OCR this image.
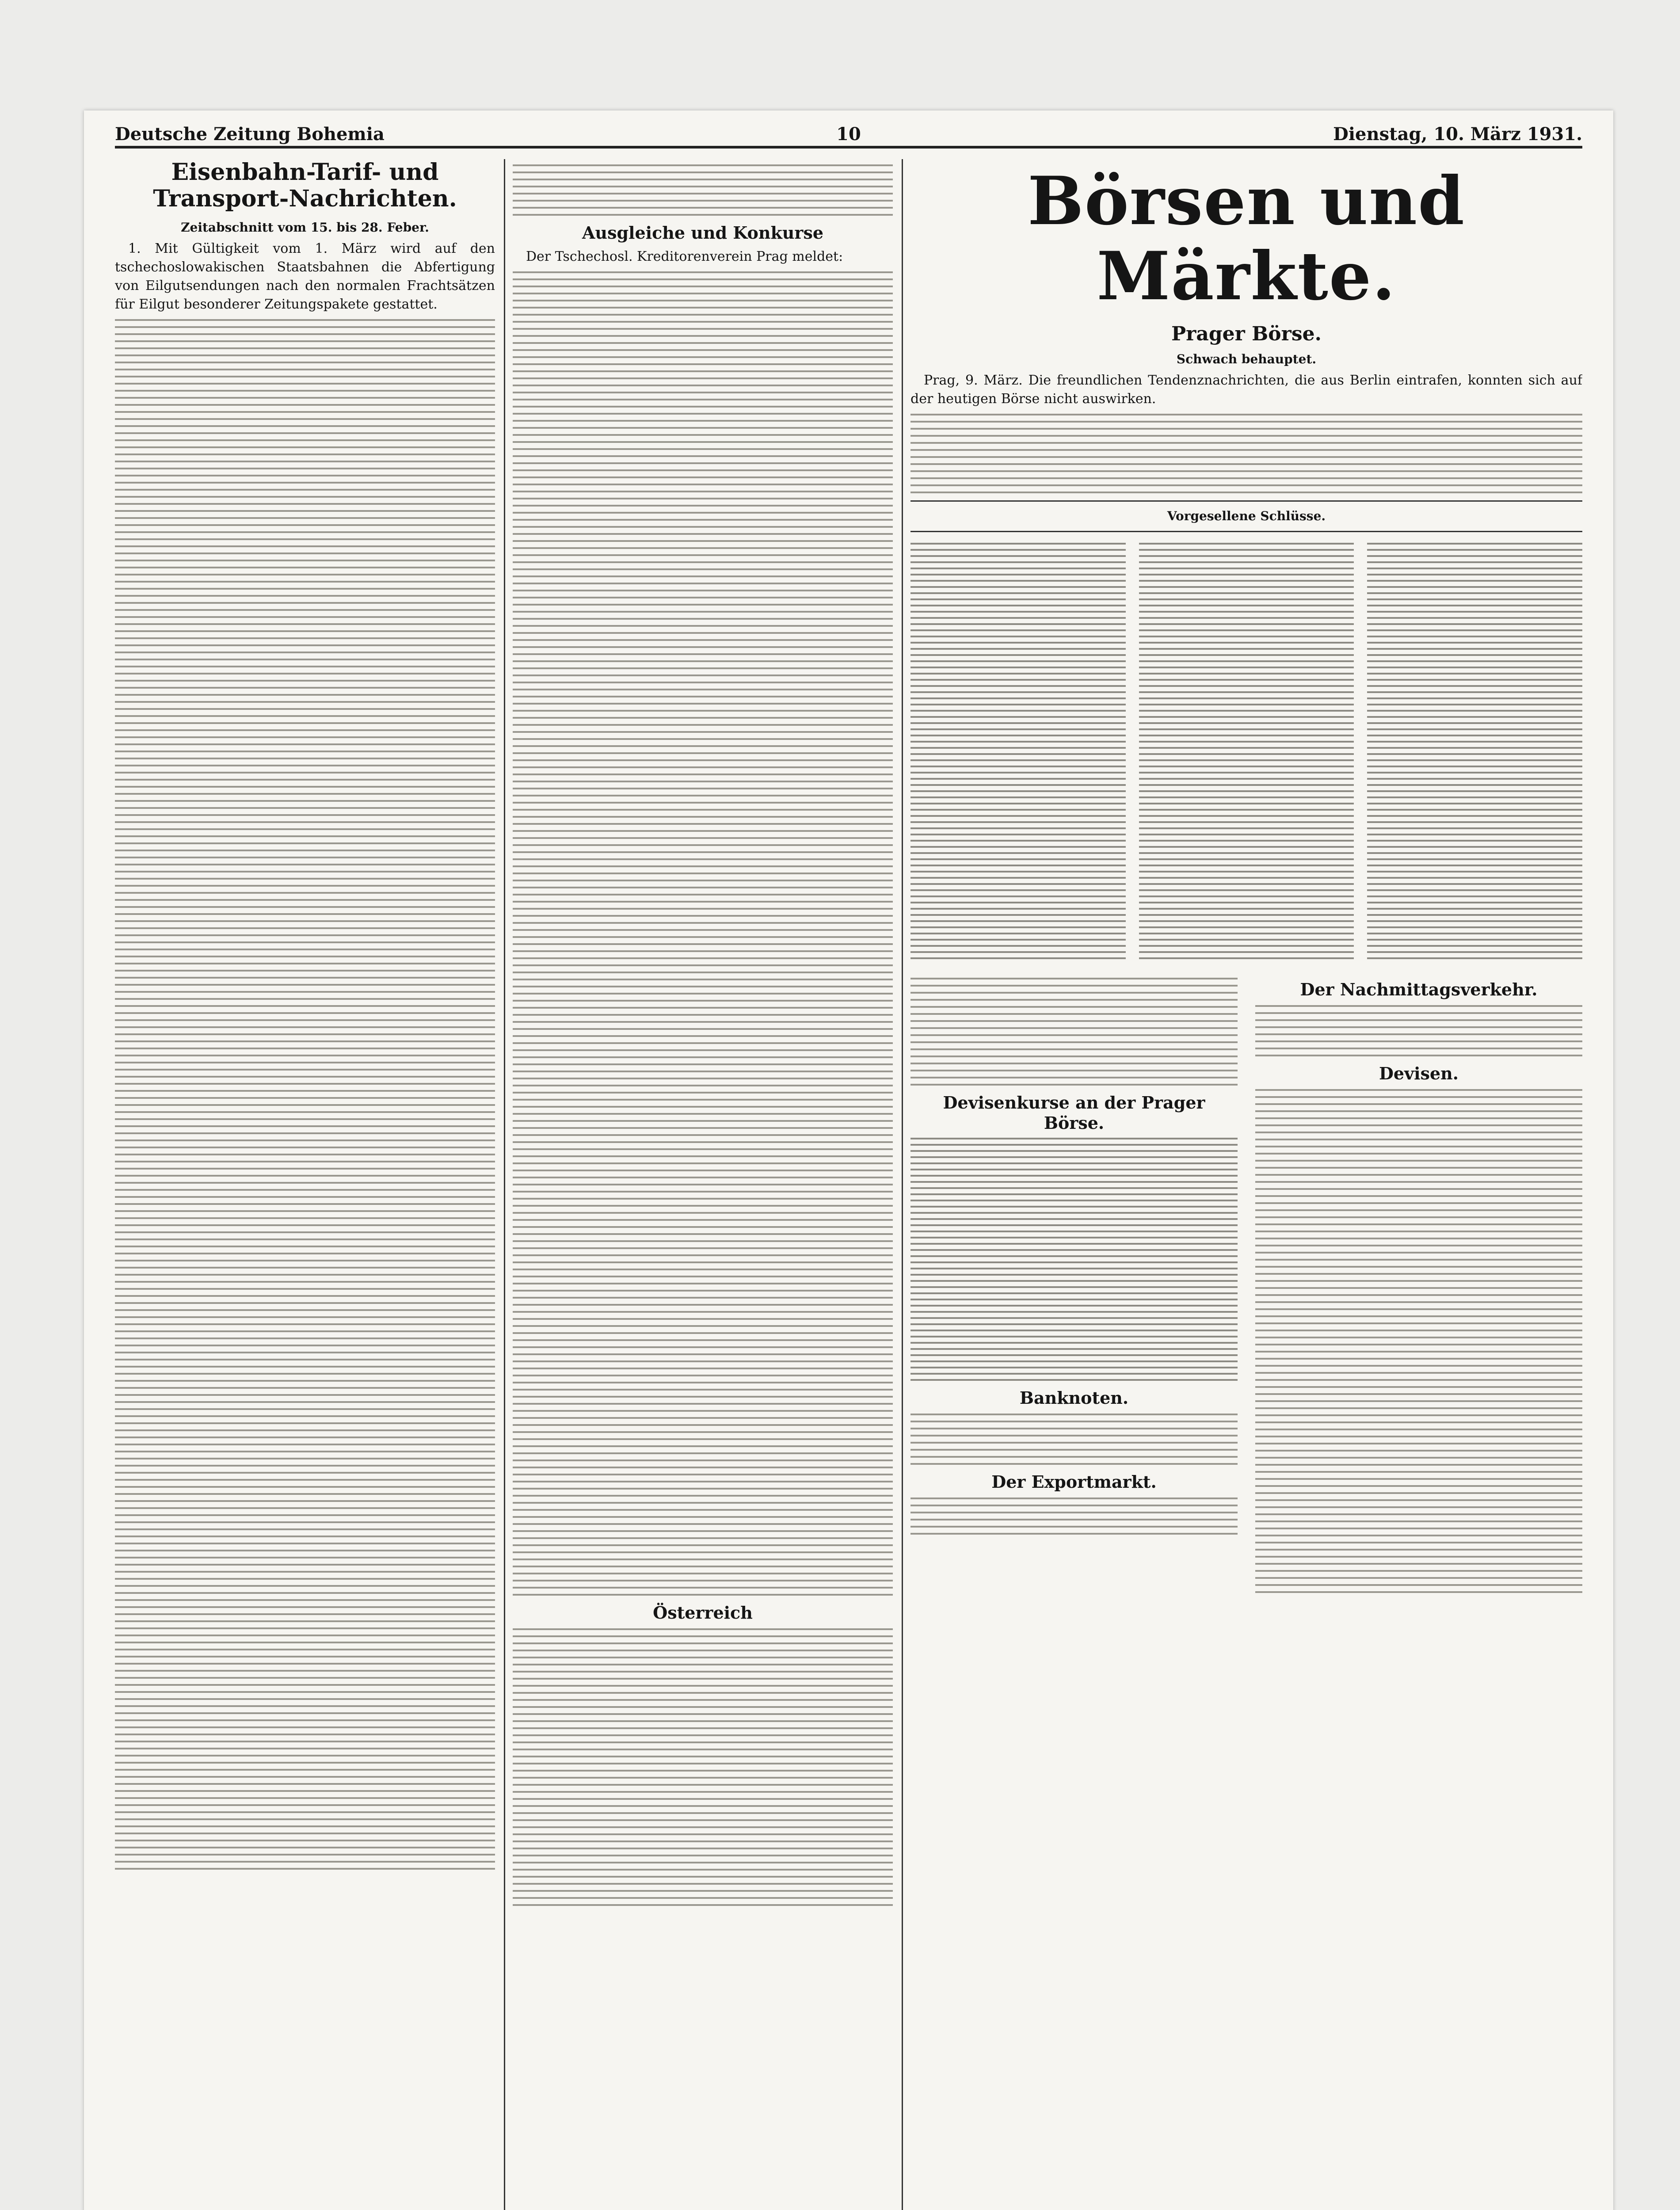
Deutsche Zeitung Bohemia	10	Dienstag, 10. März 1931.
Eisenbahn-Tarif- und Transport-Nachrichten.
Zeitabschnitt vom 15. bis 28. Feber.

1. Mit Gültigkeit vom 1. März wird auf den tschechoslowakischen Staatsbahnen die Abfertigung von Eilgutsendungen nach den normalen Frachtsätzen für Eilgut besonderer Zeitungspakete gestattet.

Ausgleiche und Konkurse

Der Tschechosl. Kreditorenverein Prag meldet:

Österreich
Börsen und Märkte.
Prager Börse.
Schwach behauptet.

Prag, 9. März. Die freundlichen Tendenznachrichten, die aus Berlin eintrafen, konnten sich auf der heutigen Börse nicht auswirken.

Vorgesellene Schlüsse.
Devisenkurse an der Prager Börse.
Banknoten.
Der Exportmarkt.
Der Nachmittagsverkehr.
Devisen.
